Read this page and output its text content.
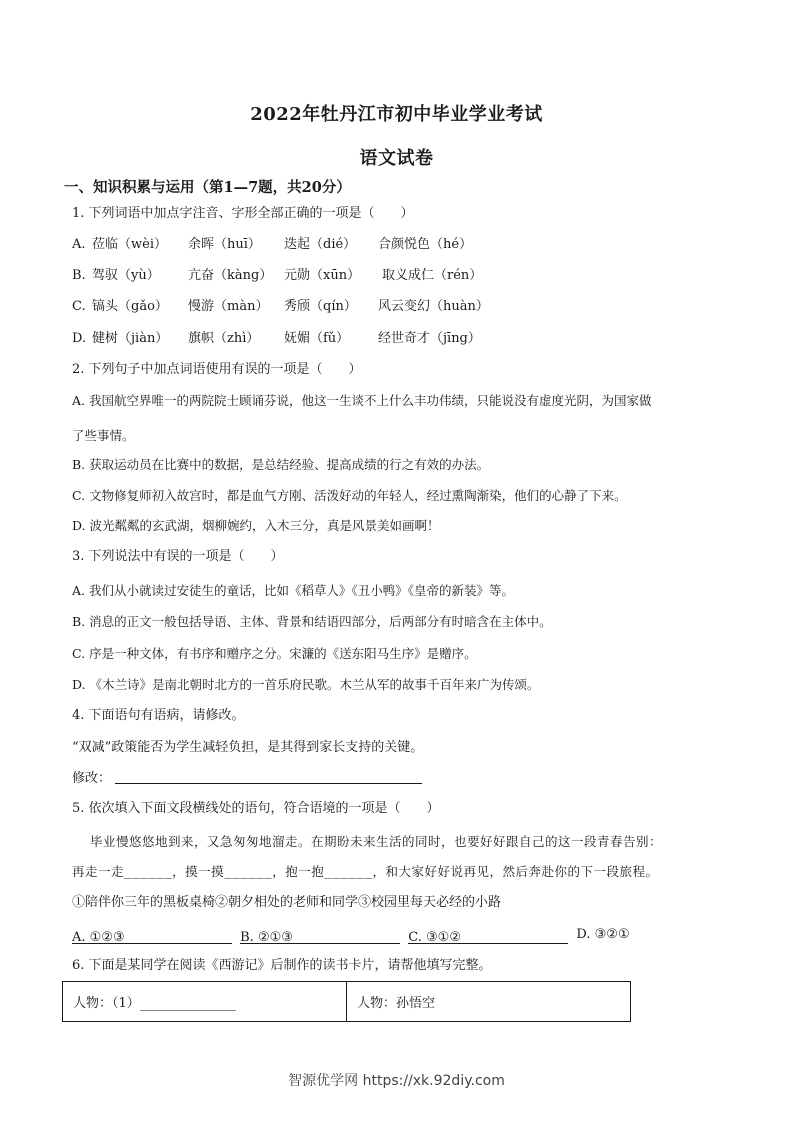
2022年牡丹江市初中毕业学业考试
语文试卷
一、知识积累与运用（第1—7题，共20分）
1. 下列词语中加点字注音、字形全部正确的一项是（　　）
A. 莅临（wèi） 余晖（huī） 迭起（dié） 合颜悦色（hé）
B. 驾驭（yù） 亢奋（kàng） 元勋（xūn） 取义成仁（rén）
C. 镐头（gǎo） 慢游（màn） 秀颀（qín） 风云变幻（huàn）
D. 健树（jiàn） 旗帜（zhì） 妩媚（fǔ） 经世奇才（jīng）
2. 下列句子中加点词语使用有误的一项是（　　）
A. 我国航空界唯一的两院院士顾诵芬说，他这一生谈不上什么丰功伟绩，只能说没有虚度光阴，为国家做
了些事情。
B. 获取运动员在比赛中的数据，是总结经验、提高成绩的行之有效的办法。
C. 文物修复师初入故宫时，都是血气方刚、活泼好动的年轻人，经过熏陶渐染，他们的心静了下来。
D. 波光粼粼的玄武湖，烟柳婉约，入木三分，真是风景美如画啊！
3. 下列说法中有误的一项是（　　）
A. 我们从小就读过安徒生的童话，比如《稻草人》《丑小鸭》《皇帝的新装》等。
B. 消息的正文一般包括导语、主体、背景和结语四部分，后两部分有时暗含在主体中。
C. 序是一种文体，有书序和赠序之分。宋濂的《送东阳马生序》是赠序。
D. 《木兰诗》是南北朝时北方的一首乐府民歌。木兰从军的故事千百年来广为传颂。
4. 下面语句有语病，请修改。
“双减”政策能否为学生减轻负担，是其得到家长支持的关键。
修改：
5. 依次填入下面文段横线处的语句，符合语境的一项是（　　）
毕业慢悠悠地到来，又急匆匆地溜走。在期盼未来生活的同时，也要好好跟自己的这一段青春告别：
再走一走______，摸一摸______，抱一抱______，和大家好好说再见，然后奔赴你的下一段旅程。
①陪伴你三年的黑板桌椅②朝夕相处的老师和同学③校园里每天必经的小路
A. ①②③	B. ②①③	C. ③①②	D. ③②①
6. 下面是某同学在阅读《西游记》后制作的读书卡片，请帮他填写完整。
人物：（1）	人物：孙悟空
智源优学网 https://xk.92diy.com
